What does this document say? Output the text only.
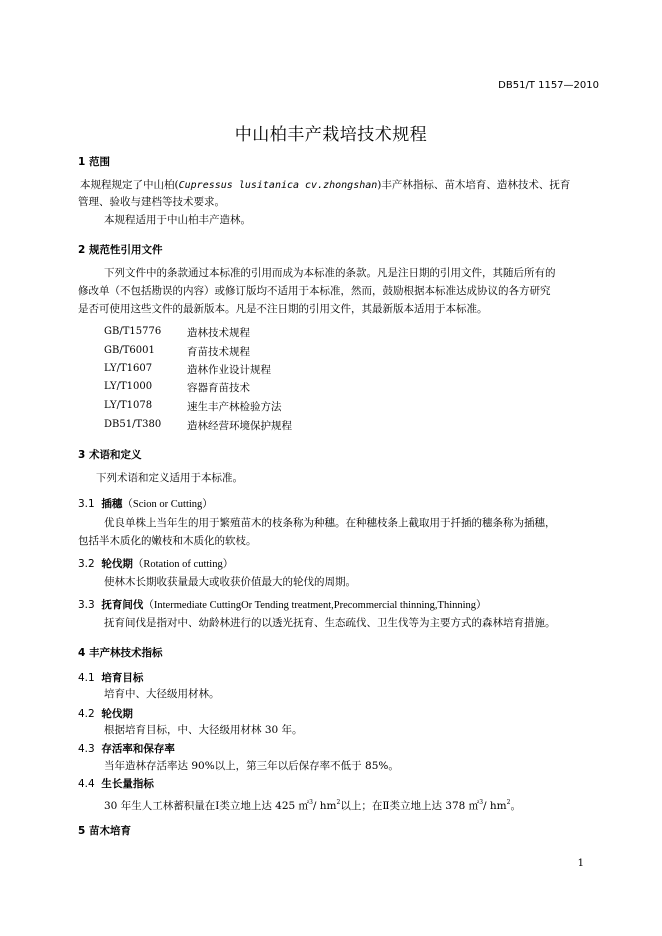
DB51/T 1157—2010
中山柏丰产栽培技术规程
1 范围
本规程规定了中山柏(Cupressus lusitanica cv.zhongshan)丰产林指标、苗木培育、造林技术、抚育
管理、验收与建档等技术要求。
本规程适用于中山柏丰产造林。
2 规范性引用文件
下列文件中的条款通过本标准的引用而成为本标准的条款。凡是注日期的引用文件，其随后所有的
修改单（不包括勘误的内容）或修订版均不适用于本标准，然而，鼓励根据本标准达成协议的各方研究
是否可使用这些文件的最新版本。凡是不注日期的引用文件，其最新版本适用于本标准。
GB/T15776 造林技术规程
GB/T6001	育苗技术规程
LY/T1607	造林作业设计规程
LY/T1000	容器育苗技术
LY/T1078	速生丰产林检验方法
DB51/T380 造林经营环境保护规程
3 术语和定义
下列术语和定义适用于本标准。
3.1 插穗（Scion or Cutting）
优良单株上当年生的用于繁殖苗木的枝条称为种穗。在种穗枝条上截取用于扦插的穗条称为插穗，
包括半木质化的嫩枝和木质化的软枝。
3.2 轮伐期（Rotation of cutting）
使林木长期收获量最大或收获价值最大的轮伐的周期。
3.3 抚育间伐（Intermediate CuttingOr Tending treatment,Precommercial thinning,Thinning）
抚育间伐是指对中、幼龄林进行的以透光抚育、生态疏伐、卫生伐等为主要方式的森林培育措施。
4 丰产林技术指标
4.1 培育目标
培育中、大径级用材林。
4.2 轮伐期
根据培育目标，中、大径级用材林 30 年。
4.3 存活率和保存率
当年造林存活率达 90%以上，第三年以后保存率不低于 85%。
4.4 生长量指标
30 年生人工林蓄积量在Ⅰ类立地上达 425 ㎡$^3$/ $hm^2$以上；在Ⅱ类立地上达 378 ㎡$^3$/ $hm^2$。
5 苗木培育
1
